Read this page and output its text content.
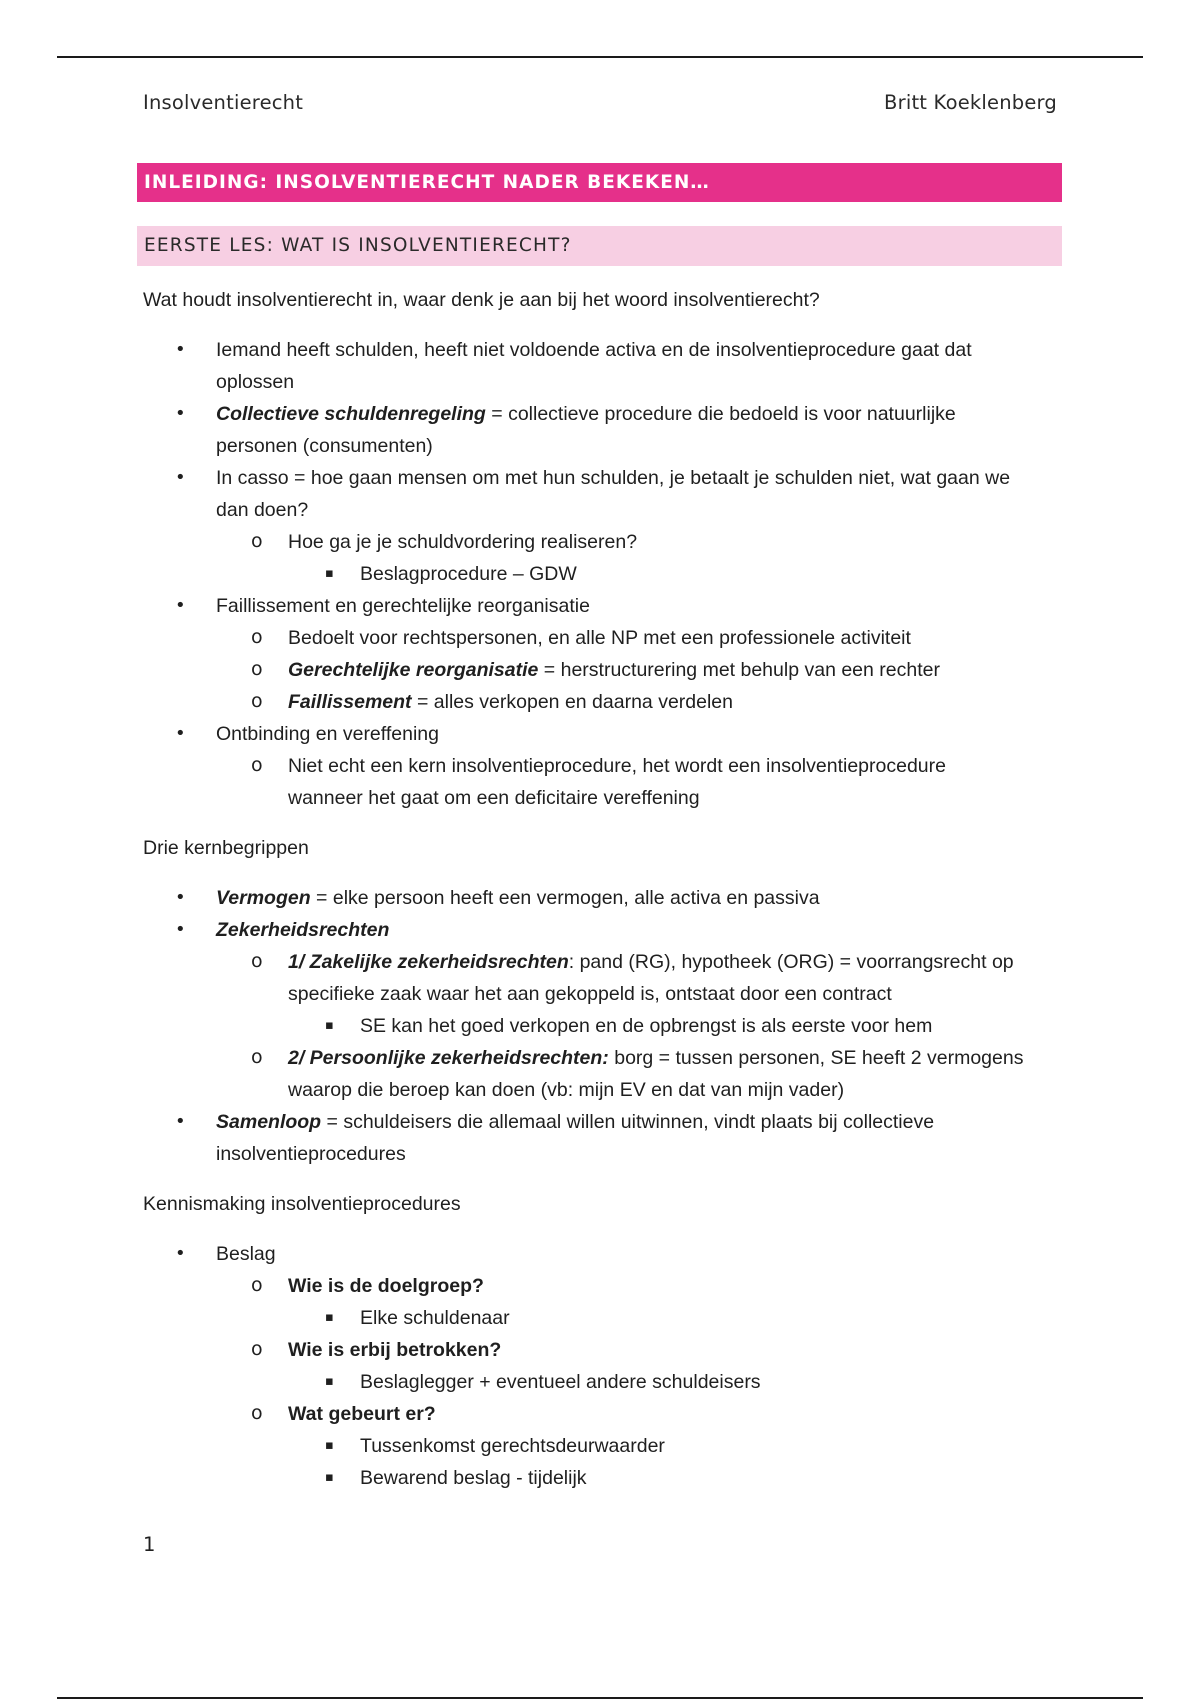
Insolventierecht	Britt Koeklenberg
INLEIDING: INSOLVENTIERECHT NADER BEKEKEN…
EERSTE LES: WAT IS INSOLVENTIERECHT?

Wat houdt insolventierecht in, waar denk je aan bij het woord insolventierecht?

• Iemand heeft schulden, heeft niet voldoende activa en de insolventieprocedure gaat dat
oplossen
• Collectieve schuldenregeling = collectieve procedure die bedoeld is voor natuurlijke
personen (consumenten)
• In casso = hoe gaan mensen om met hun schulden, je betaalt je schulden niet, wat gaan we
dan doen?
o Hoe ga je je schuldvordering realiseren?
▪ Beslagprocedure – GDW
• Faillissement en gerechtelijke reorganisatie
o Bedoelt voor rechtspersonen, en alle NP met een professionele activiteit
o Gerechtelijke reorganisatie = herstructurering met behulp van een rechter
o Faillissement = alles verkopen en daarna verdelen
• Ontbinding en vereffening
o Niet echt een kern insolventieprocedure, het wordt een insolventieprocedure
wanneer het gaat om een deficitaire vereffening

Drie kernbegrippen

• Vermogen = elke persoon heeft een vermogen, alle activa en passiva
• Zekerheidsrechten
o 1/ Zakelijke zekerheidsrechten: pand (RG), hypotheek (ORG) = voorrangsrecht op
specifieke zaak waar het aan gekoppeld is, ontstaat door een contract
▪ SE kan het goed verkopen en de opbrengst is als eerste voor hem
o 2/ Persoonlijke zekerheidsrechten: borg = tussen personen, SE heeft 2 vermogens
waarop die beroep kan doen (vb: mijn EV en dat van mijn vader)
• Samenloop = schuldeisers die allemaal willen uitwinnen, vindt plaats bij collectieve
insolventieprocedures

Kennismaking insolventieprocedures

• Beslag
o Wie is de doelgroep?
▪ Elke schuldenaar
o Wie is erbij betrokken?
▪ Beslaglegger + eventueel andere schuldeisers
o Wat gebeurt er?
▪ Tussenkomst gerechtsdeurwaarder
▪ Bewarend beslag - tijdelijk
1
